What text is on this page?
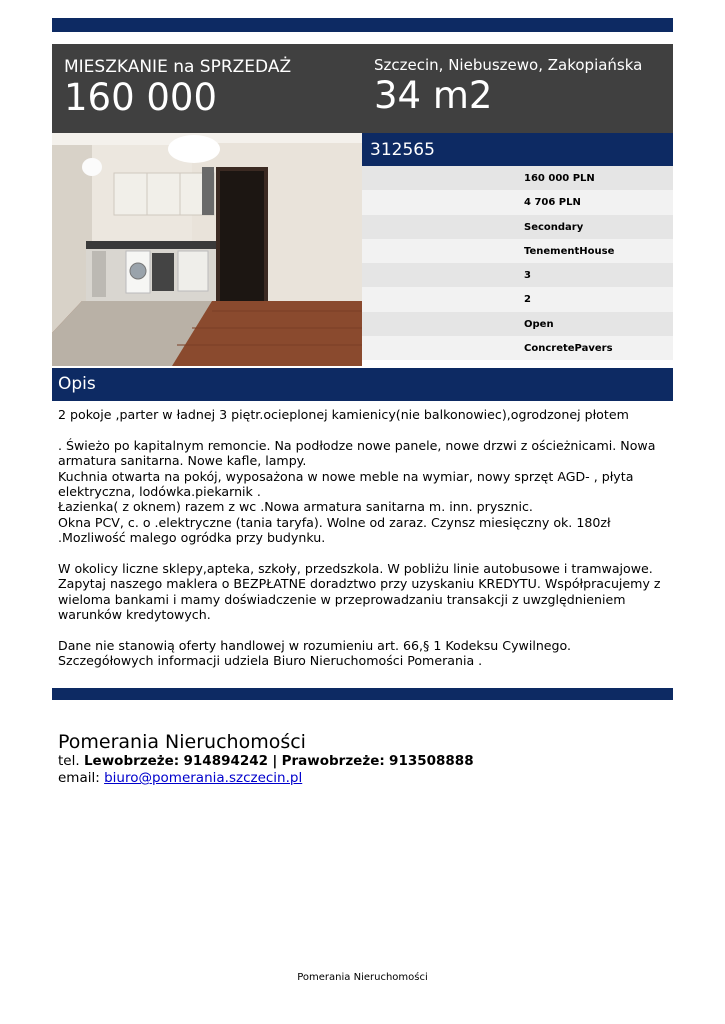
MIESZKANIE na SPRZEDAŻ
160 000
Szczecin, Niebuszewo, Zakopiańska
34 m2
312565
160 000 PLN
4 706 PLN
Secondary
TenementHouse
3
2
Open
ConcretePavers
Opis

2 pokoje ,parter w ładnej 3 piętr.ocieplonej kamienicy(nie balkonowiec),ogrodzonej płotem

. Świeżo po kapitalnym remoncie. Na podłodze nowe panele, nowe drzwi z ościeżnicami. Nowa armatura sanitarna. Nowe kafle, lampy.
Kuchnia otwarta na pokój, wyposażona w nowe meble na wymiar, nowy sprzęt AGD- , płyta elektryczna, lodówka.piekarnik .
Łazienka( z oknem) razem z wc .Nowa armatura sanitarna m. inn. prysznic.
Okna PCV, c. o .elektryczne (tania taryfa). Wolne od zaraz. Czynsz miesięczny ok. 180zł .Mozliwość malego ogródka przy budynku.

W okolicy liczne sklepy,apteka, szkoły, przedszkola. W pobliżu linie autobusowe i tramwajowe. Zapytaj naszego maklera o BEZPŁATNE doradztwo przy uzyskaniu KREDYTU. Współpracujemy z wieloma bankami i mamy doświadczenie w przeprowadzaniu transakcji z uwzględnieniem warunków kredytowych.

Dane nie stanowią oferty handlowej w rozumieniu art. 66,§ 1 Kodeksu Cywilnego. Szczegółowych informacji udziela Biuro Nieruchomości Pomerania .

Pomerania Nieruchomości
tel. Lewobrzeże: 914894242 | Prawobrzeże: 913508888
email: biuro@pomerania.szczecin.pl
Pomerania Nieruchomości
